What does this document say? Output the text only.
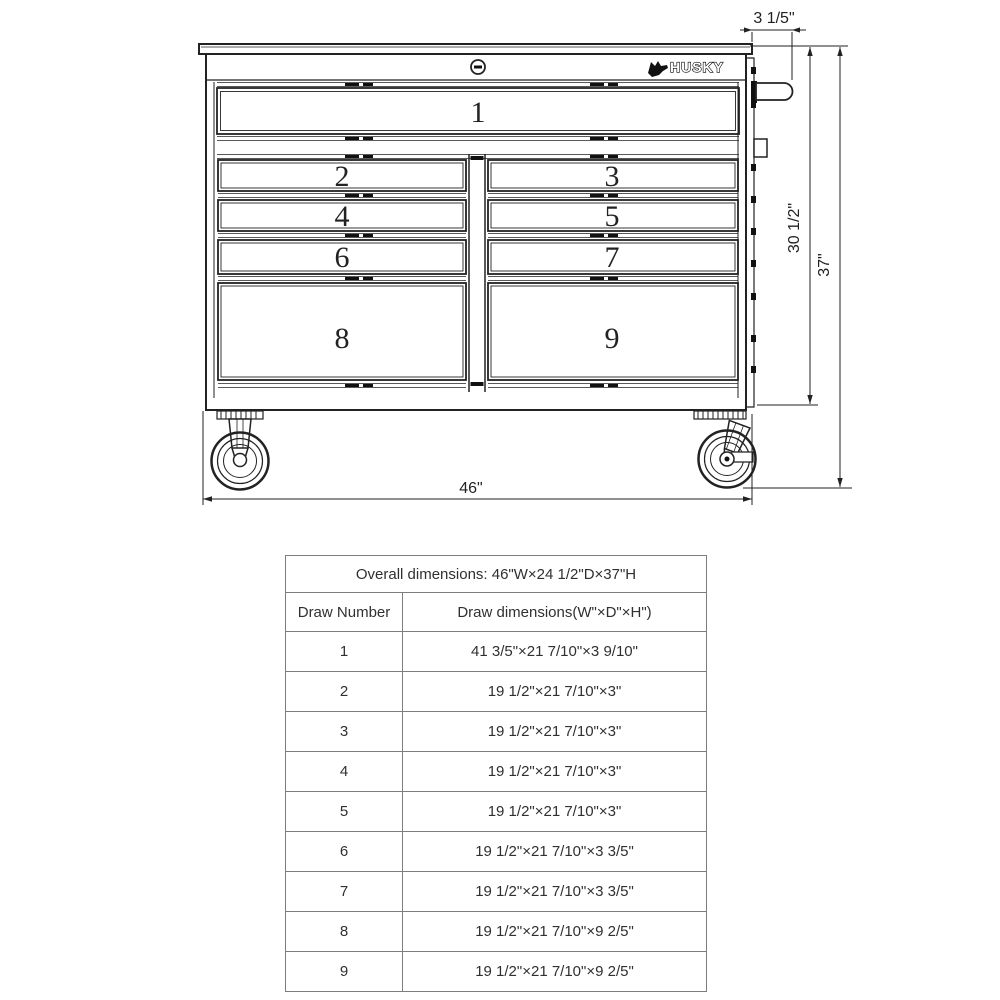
HUSKY
1
2	3
4	5
6	7
8	9
46"
3 1/5"
30 1/2"
37"
Overall dimensions: 46"W×24 1/2"D×37"H	
Draw Number	Draw dimensions(W"×D"×H")
1	41 3/5"×21 7/10"×3 9/10"
2	19 1/2"×21 7/10"×3"
3	19 1/2"×21 7/10"×3"
4	19 1/2"×21 7/10"×3"
5	19 1/2"×21 7/10"×3"
6	19 1/2"×21 7/10"×3 3/5"
7	19 1/2"×21 7/10"×3 3/5"
8	19 1/2"×21 7/10"×9 2/5"
9	19 1/2"×21 7/10"×9 2/5"
